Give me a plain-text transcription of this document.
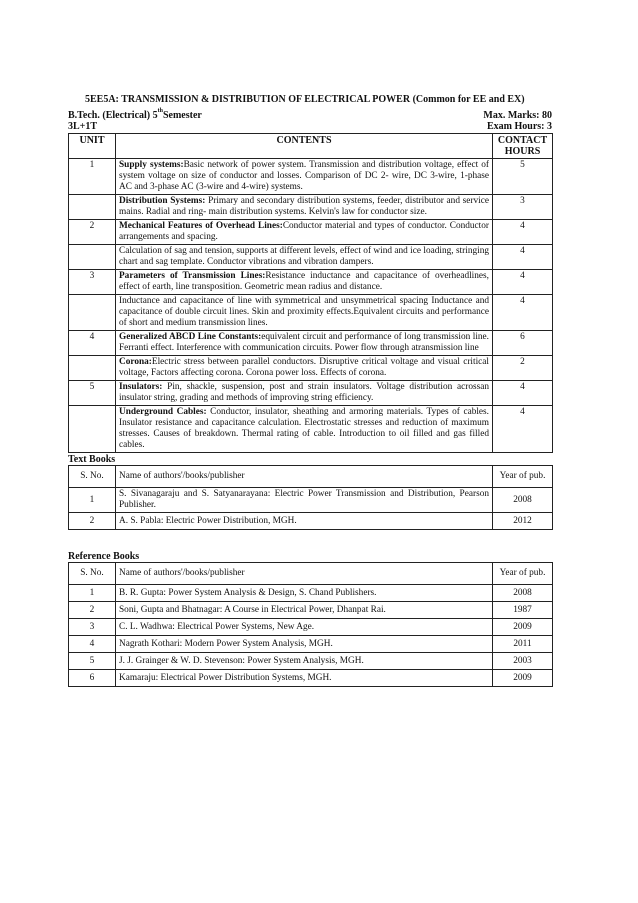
5EE5A: TRANSMISSION & DISTRIBUTION OF ELECTRICAL POWER (Common for EE and EX)
B.Tech. (Electrical) 5thSemester	Max. Marks: 80
3L+1T	Exam Hours: 3
UNIT	CONTENTS	CONTACT HOURS
1	Supply systems:Basic network of power system. Transmission and distribution voltage, effect of system voltage on size of conductor and losses. Comparison of DC 2- wire, DC 3-wire, 1-phase AC and 3-phase AC (3-wire and 4-wire) systems.	5
	Distribution Systems: Primary and secondary distribution systems, feeder, distributor and service mains. Radial and ring- main distribution systems. Kelvin's law for conductor size.	3
2	Mechanical Features of Overhead Lines:Conductor material and types of conductor. Conductor arrangements and spacing.	4
	Calculation of sag and tension, supports at different levels, effect of wind and ice loading, stringing chart and sag template. Conductor vibrations and vibration dampers.	4
3	Parameters of Transmission Lines:Resistance inductance and capacitance of overheadlines, effect of earth, line transposition. Geometric mean radius and distance.	4
	Inductance and capacitance of line with symmetrical and unsymmetrical spacing Inductance and capacitance of double circuit lines. Skin and proximity effects.Equivalent circuits and performance of short and medium transmission lines.	4
4	Generalized ABCD Line Constants:equivalent circuit and performance of long transmission line. Ferranti effect. Interference with communication circuits. Power flow through atransmission line	6
	Corona:Electric stress between parallel conductors. Disruptive critical voltage and visual critical voltage, Factors affecting corona. Corona power loss. Effects of corona.	2
5	Insulators: Pin, shackle, suspension, post and strain insulators. Voltage distribution acrossan insulator string, grading and methods of improving string efficiency.	4
	Underground Cables: Conductor, insulator, sheathing and armoring materials. Types of cables. Insulator resistance and capacitance calculation. Electrostatic stresses and reduction of maximum stresses. Causes of breakdown. Thermal rating of cable. Introduction to oil filled and gas filled cables.	4
Text Books
S. No.	Name of authors'/books/publisher	Year of pub.
1	S. Sivanagaraju and S. Satyanarayana: Electric Power Transmission and Distribution, Pearson Publisher.	2008
2	A. S. Pabla: Electric Power Distribution, MGH.	2012
Reference Books
S. No.	Name of authors'/books/publisher	Year of pub.
1	B. R. Gupta: Power System Analysis & Design, S. Chand Publishers.	2008
2	Soni, Gupta and Bhatnagar: A Course in Electrical Power, Dhanpat Rai.	1987
3	C. L. Wadhwa: Electrical Power Systems, New Age.	2009
4	Nagrath Kothari: Modern Power System Analysis, MGH.	2011
5	J. J. Grainger & W. D. Stevenson: Power System Analysis, MGH.	2003
6	Kamaraju: Electrical Power Distribution Systems, MGH.	2009
